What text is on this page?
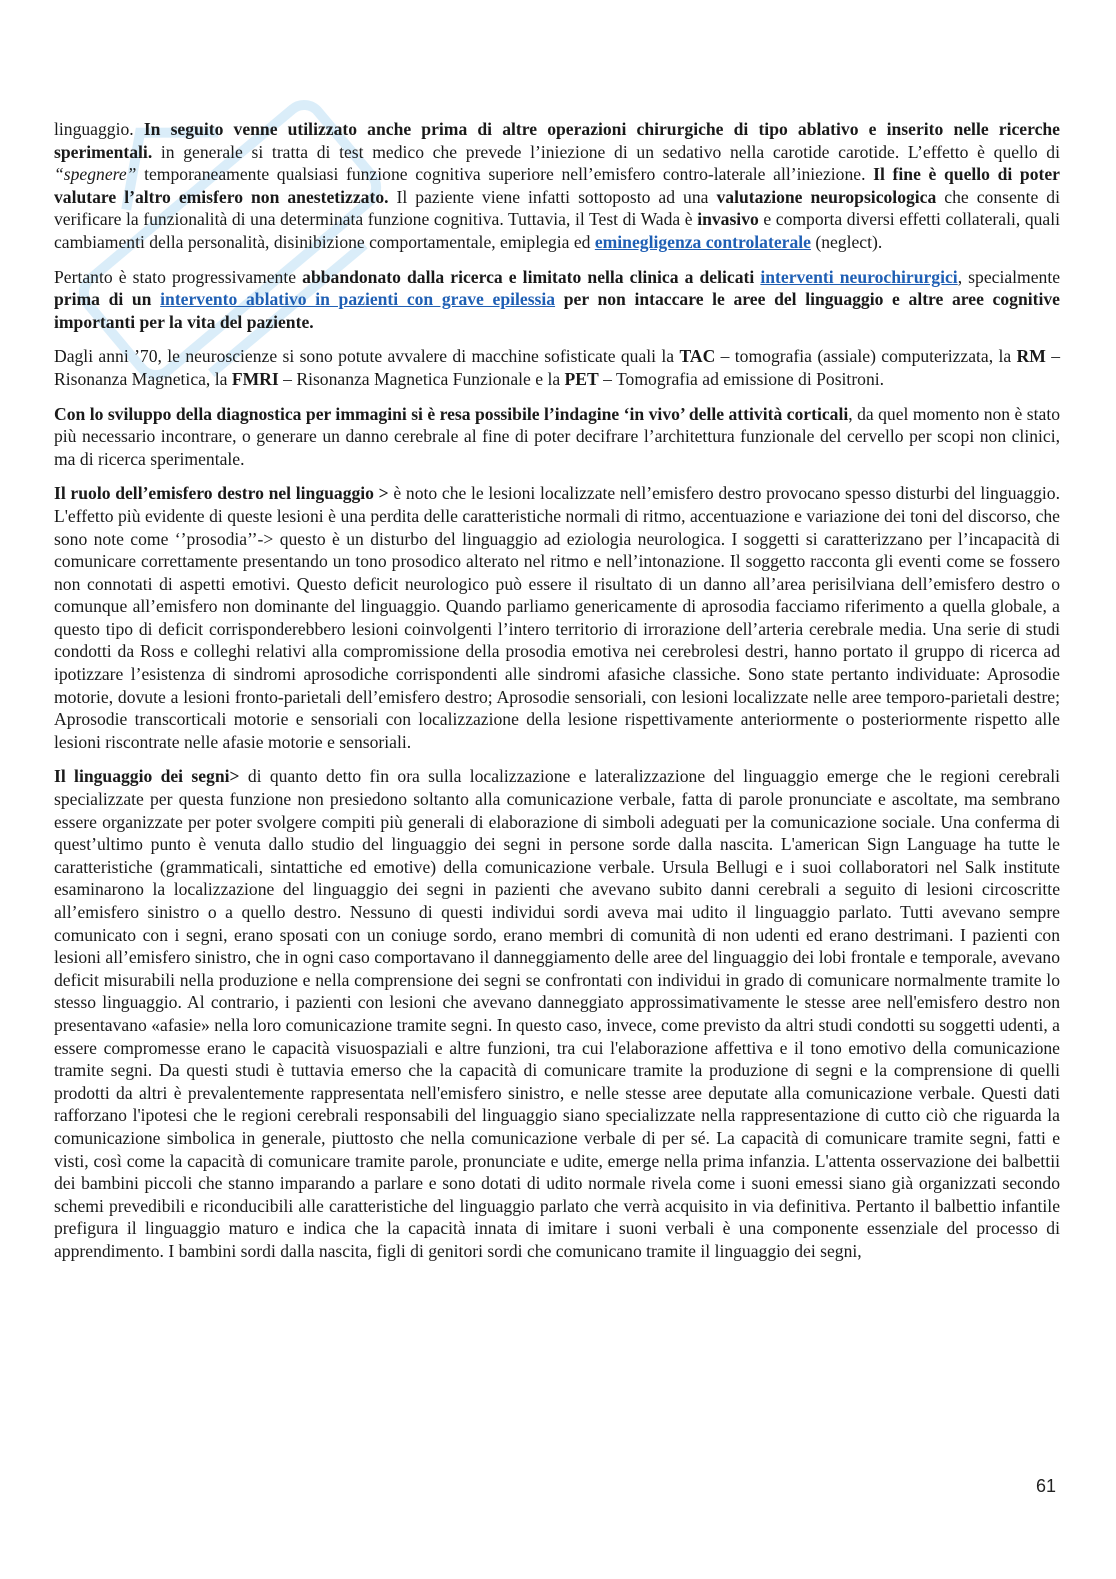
linguaggio. In seguito venne utilizzato anche prima di altre operazioni chirurgiche di tipo ablativo e inserito nelle ricerche sperimentali. in generale si tratta di test medico che prevede l’iniezione di un sedativo nella carotide carotide. L’effetto è quello di “spegnere” temporaneamente qualsiasi funzione cognitiva superiore nell’emisfero contro-laterale all’iniezione. Il fine è quello di poter valutare l’altro emisfero non anestetizzato. Il paziente viene infatti sottoposto ad una valutazione neuropsicologica che consente di verificare la funzionalità di una determinata funzione cognitiva. Tuttavia, il Test di Wada è invasivo e comporta diversi effetti collaterali, quali cambiamenti della personalità, disinibizione comportamentale, emiplegia ed eminegligenza controlaterale (neglect).

Pertanto è stato progressivamente abbandonato dalla ricerca e limitato nella clinica a delicati interventi neurochirurgici, specialmente prima di un intervento ablativo in pazienti con grave epilessia per non intaccare le aree del linguaggio e altre aree cognitive importanti per la vita del paziente.

Dagli anni ’70, le neuroscienze si sono potute avvalere di macchine sofisticate quali la TAC – tomografia (assiale) computerizzata, la RM – Risonanza Magnetica, la FMRI – Risonanza Magnetica Funzionale e la PET – Tomografia ad emissione di Positroni.

Con lo sviluppo della diagnostica per immagini si è resa possibile l’indagine ‘in vivo’ delle attività corticali, da quel momento non è stato più necessario incontrare, o generare un danno cerebrale al fine di poter decifrare l’architettura funzionale del cervello per scopi non clinici, ma di ricerca sperimentale.

Il ruolo dell’emisfero destro nel linguaggio > è noto che le lesioni localizzate nell’emisfero destro provocano spesso disturbi del linguaggio. L'effetto più evidente di queste lesioni è una perdita delle caratteristiche normali di ritmo, accentuazione e variazione dei toni del discorso, che sono note come ‘’prosodia’’-> questo è un disturbo del linguaggio ad eziologia neurologica. I soggetti si caratterizzano per l’incapacità di comunicare correttamente presentando un tono prosodico alterato nel ritmo e nell’intonazione. Il soggetto racconta gli eventi come se fossero non connotati di aspetti emotivi. Questo deficit neurologico può essere il risultato di un danno all’area perisilviana dell’emisfero destro o comunque all’emisfero non dominante del linguaggio. Quando parliamo genericamente di aprosodia facciamo riferimento a quella globale, a questo tipo di deficit corrisponderebbero lesioni coinvolgenti l’intero territorio di irrorazione dell’arteria cerebrale media. Una serie di studi condotti da Ross e colleghi relativi alla compromissione della prosodia emotiva nei cerebrolesi destri, hanno portato il gruppo di ricerca ad ipotizzare l’esistenza di sindromi aprosodiche corrispondenti alle sindromi afasiche classiche. Sono state pertanto individuate: Aprosodie motorie, dovute a lesioni fronto-parietali dell’emisfero destro; Aprosodie sensoriali, con lesioni localizzate nelle aree temporo-parietali destre; Aprosodie transcorticali motorie e sensoriali con localizzazione della lesione rispettivamente anteriormente o posteriormente rispetto alle lesioni riscontrate nelle afasie motorie e sensoriali.

Il linguaggio dei segni> di quanto detto fin ora sulla localizzazione e lateralizzazione del linguaggio emerge che le regioni cerebrali specializzate per questa funzione non presiedono soltanto alla comunicazione verbale, fatta di parole pronunciate e ascoltate, ma sembrano essere organizzate per poter svolgere compiti più generali di elaborazione di simboli adeguati per la comunicazione sociale. Una conferma di quest’ultimo punto è venuta dallo studio del linguaggio dei segni in persone sorde dalla nascita. L'american Sign Language ha tutte le caratteristiche (grammaticali, sintattiche ed emotive) della comunicazione verbale. Ursula Bellugi e i suoi collaboratori nel Salk institute esaminarono la localizzazione del linguaggio dei segni in pazienti che avevano subito danni cerebrali a seguito di lesioni circoscritte all’emisfero sinistro o a quello destro. Nessuno di questi individui sordi aveva mai udito il linguaggio parlato. Tutti avevano sempre comunicato con i segni, erano sposati con un coniuge sordo, erano membri di comunità di non udenti ed erano destrimani. I pazienti con lesioni all’emisfero sinistro, che in ogni caso comportavano il danneggiamento delle aree del linguaggio dei lobi frontale e temporale, avevano deficit misurabili nella produzione e nella comprensione dei segni se confrontati con individui in grado di comunicare normalmente tramite lo stesso linguaggio. Al contrario, i pazienti con lesioni che avevano danneggiato approssimativamente le stesse aree nell'emisfero destro non presentavano «afasie» nella loro comunicazione tramite segni. In questo caso, invece, come previsto da altri studi condotti su soggetti udenti, a essere compromesse erano le capacità visuospaziali e altre funzioni, tra cui l'elaborazione affettiva e il tono emotivo della comunicazione tramite segni. Da questi studi è tuttavia emerso che la capacità di comunicare tramite la produzione di segni e la comprensione di quelli prodotti da altri è prevalentemente rappresentata nell'emisfero sinistro, e nelle stesse aree deputate alla comunicazione verbale. Questi dati rafforzano l'ipotesi che le regioni cerebrali responsabili del linguaggio siano specializzate nella rappresentazione di cutto ciò che riguarda la comunicazione simbolica in generale, piuttosto che nella comunicazione verbale di per sé. La capacità di comunicare tramite segni, fatti e visti, così come la capacità di comunicare tramite parole, pronunciate e udite, emerge nella prima infanzia. L'attenta osservazione dei balbettii dei bambini piccoli che stanno imparando a parlare e sono dotati di udito normale rivela come i suoni emessi siano già organizzati secondo schemi prevedibili e riconducibili alle caratteristiche del linguaggio parlato che verrà acquisito in via definitiva. Pertanto il balbettio infantile prefigura il linguaggio maturo e indica che la capacità innata di imitare i suoni verbali è una componente essenziale del processo di apprendimento. I bambini sordi dalla nascita, figli di genitori sordi che comunicano tramite il linguaggio dei segni,

61
